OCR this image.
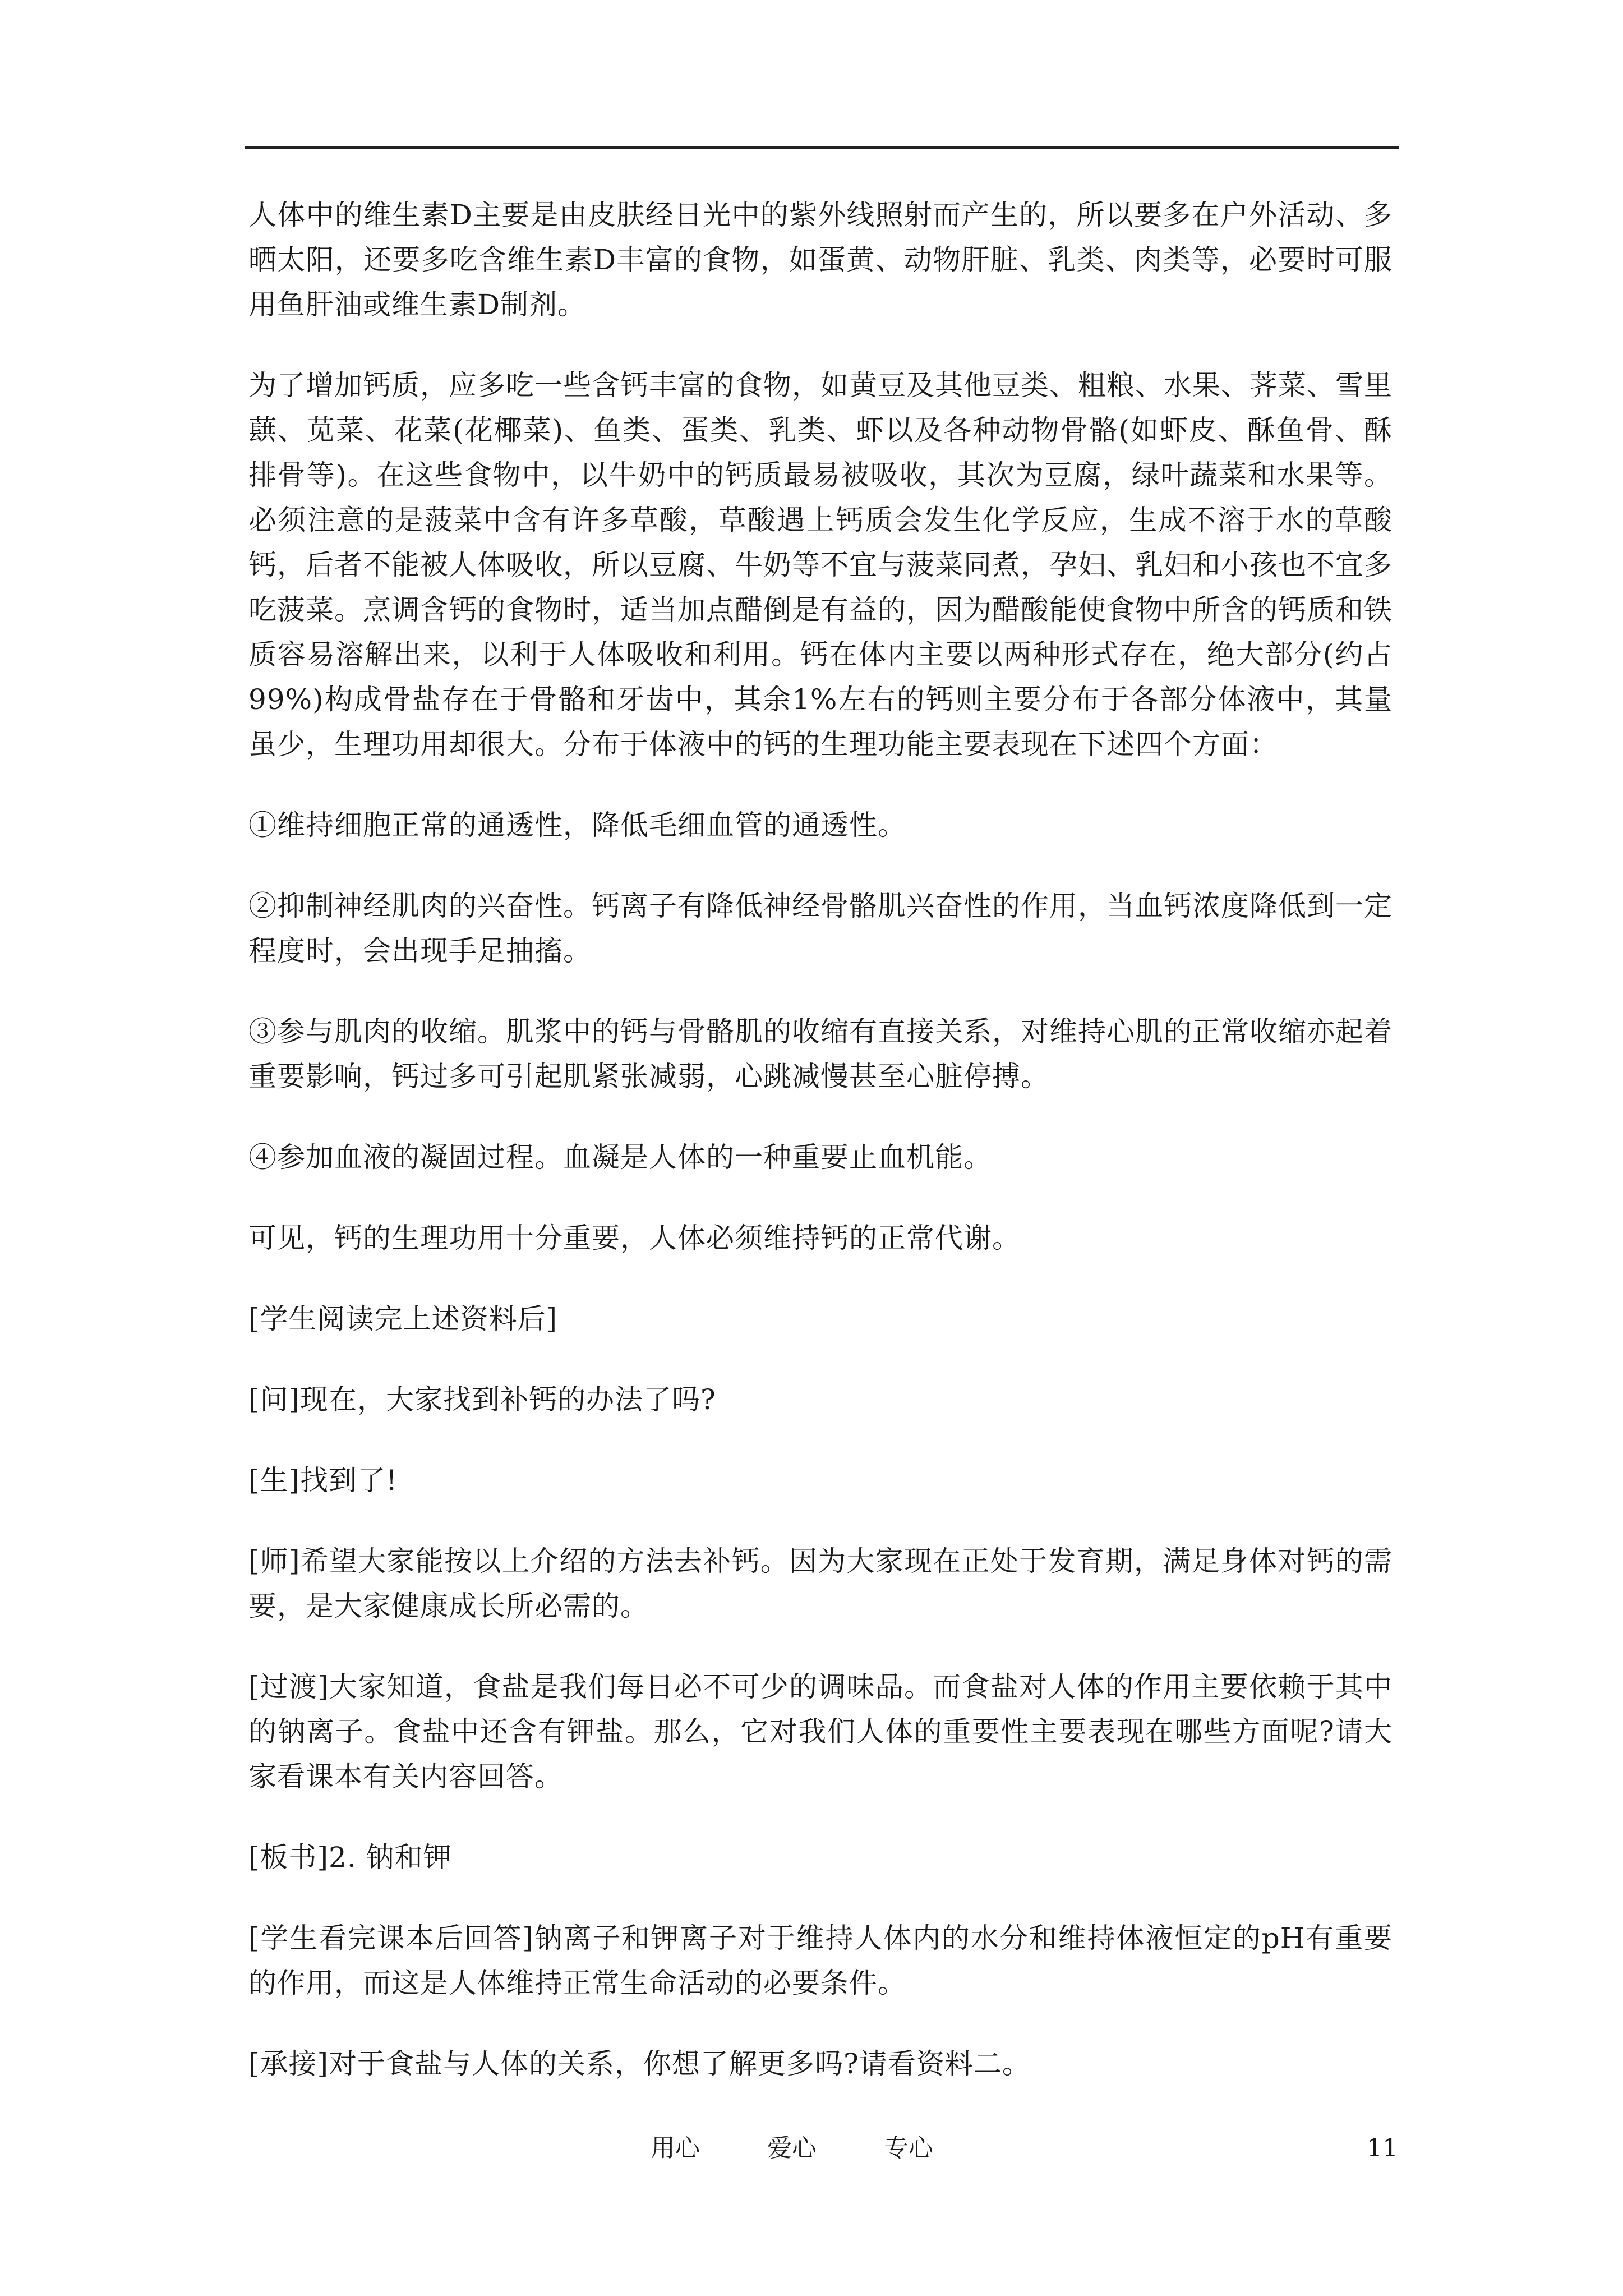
人体中的维生素D主要是由皮肤经日光中的紫外线照射而产生的，所以要多在户外活动、多晒太阳，还要多吃含维生素D丰富的食物，如蛋黄、动物肝脏、乳类、肉类等，必要时可服用鱼肝油或维生素D制剂。

为了增加钙质，应多吃一些含钙丰富的食物，如黄豆及其他豆类、粗粮、水果、荠菜、雪里蕻、苋菜、花菜(花椰菜)、鱼类、蛋类、乳类、虾以及各种动物骨骼(如虾皮、酥鱼骨、酥排骨等)。在这些食物中，以牛奶中的钙质最易被吸收，其次为豆腐，绿叶蔬菜和水果等。必须注意的是菠菜中含有许多草酸，草酸遇上钙质会发生化学反应，生成不溶于水的草酸钙，后者不能被人体吸收，所以豆腐、牛奶等不宜与菠菜同煮，孕妇、乳妇和小孩也不宜多吃菠菜。烹调含钙的食物时，适当加点醋倒是有益的，因为醋酸能使食物中所含的钙质和铁质容易溶解出来，以利于人体吸收和利用。钙在体内主要以两种形式存在，绝大部分(约占99%)构成骨盐存在于骨骼和牙齿中，其余1%左右的钙则主要分布于各部分体液中，其量虽少，生理功用却很大。分布于体液中的钙的生理功能主要表现在下述四个方面：

①维持细胞正常的通透性，降低毛细血管的通透性。

②抑制神经肌肉的兴奋性。钙离子有降低神经骨骼肌兴奋性的作用，当血钙浓度降低到一定程度时，会出现手足抽搐。

③参与肌肉的收缩。肌浆中的钙与骨骼肌的收缩有直接关系，对维持心肌的正常收缩亦起着重要影响，钙过多可引起肌紧张减弱，心跳减慢甚至心脏停搏。

④参加血液的凝固过程。血凝是人体的一种重要止血机能。

可见，钙的生理功用十分重要，人体必须维持钙的正常代谢。

[学生阅读完上述资料后]

[问]现在，大家找到补钙的办法了吗?

[生]找到了!

[师]希望大家能按以上介绍的方法去补钙。因为大家现在正处于发育期，满足身体对钙的需要，是大家健康成长所必需的。

[过渡]大家知道，食盐是我们每日必不可少的调味品。而食盐对人体的作用主要依赖于其中的钠离子。食盐中还含有钾盐。那么，它对我们人体的重要性主要表现在哪些方面呢?请大家看课本有关内容回答。

[板书]2. 钠和钾

[学生看完课本后回答]钠离子和钾离子对于维持人体内的水分和维持体液恒定的pH有重要的作用，而这是人体维持正常生命活动的必要条件。

[承接]对于食盐与人体的关系，你想了解更多吗?请看资料二。

用心	爱心	专心	11
